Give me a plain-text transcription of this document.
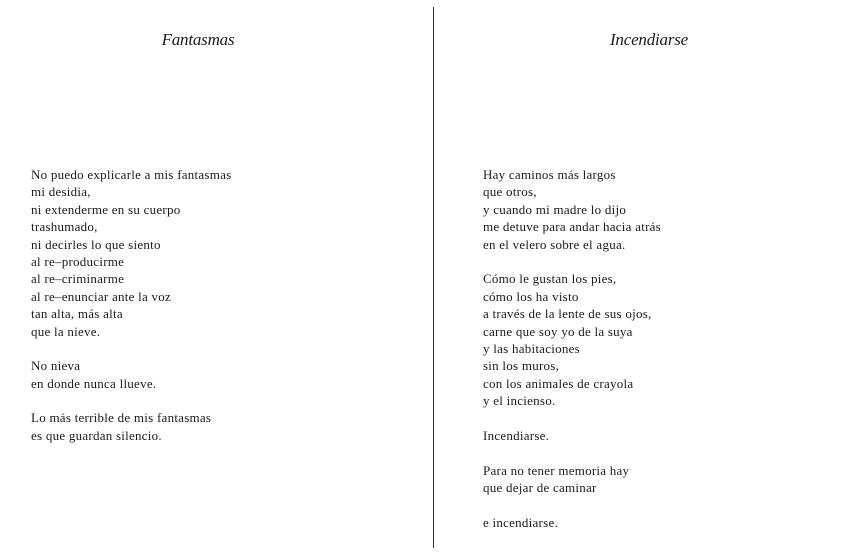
Fantasmas
No puedo explicarle a mis fantasmas
mi desidia,
ni extenderme en su cuerpo
trashumado,
ni decirles lo que siento
al re–producirme
al re–criminarme
al re–enunciar ante la voz
tan alta, más alta
que la nieve.
No nieva
en donde nunca llueve.
Lo más terrible de mis fantasmas
es que guardan silencio.
Incendiarse
Hay caminos más largos
que otros,
y cuando mi madre lo dijo
me detuve para andar hacia atrás
en el velero sobre el agua.
Cómo le gustan los pies,
cómo los ha visto
a través de la lente de sus ojos,
carne que soy yo de la suya
y las habitaciones
sin los muros,
con los animales de crayola
y el incienso.
Incendiarse.
Para no tener memoria hay
que dejar de caminar
e incendiarse.
